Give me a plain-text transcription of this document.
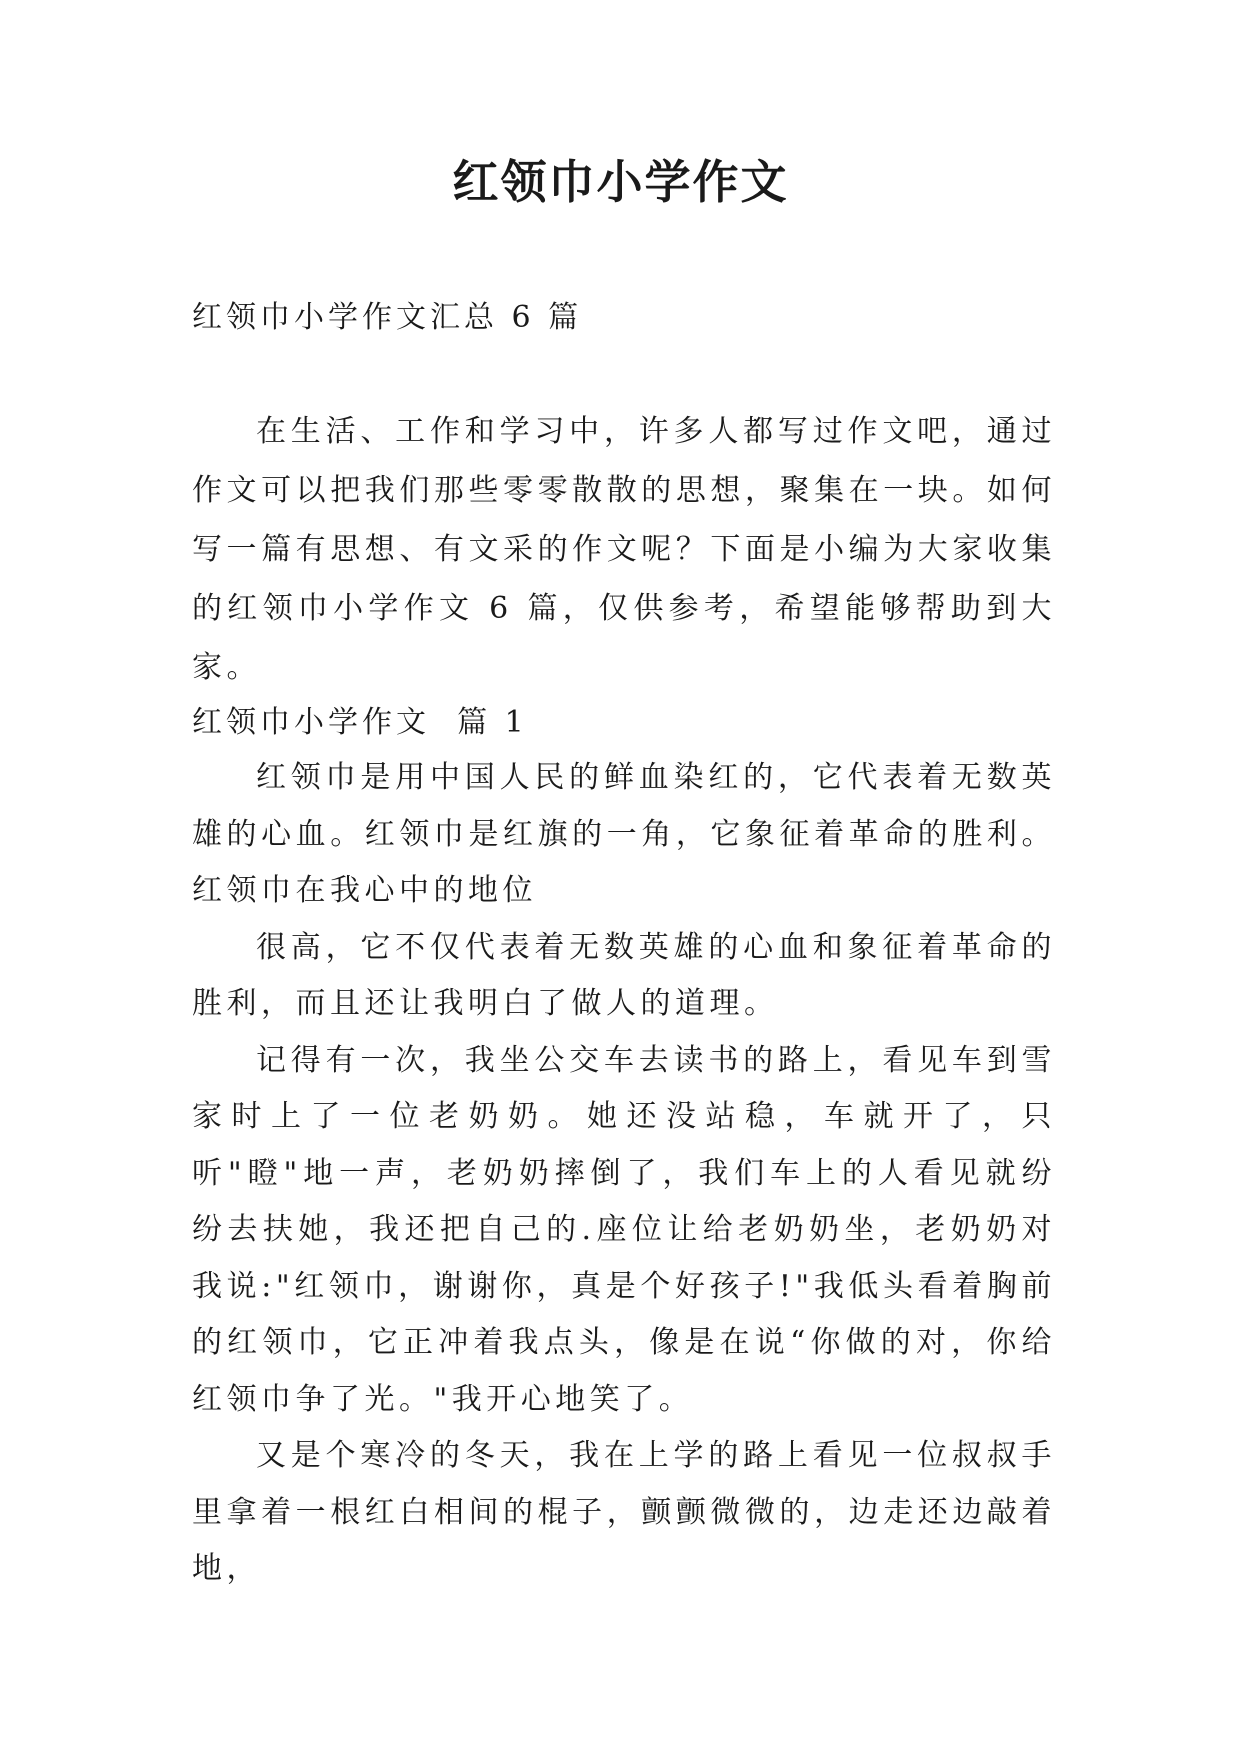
红领巾小学作文
红领巾小学作文汇总 6 篇

在生活、工作和学习中，许多人都写过作文吧，通过作文可以把我们那些零零散散的思想，聚集在一块。如何写一篇有思想、有文采的作文呢？下面是小编为大家收集的红领巾小学作文 6 篇，仅供参考，希望能够帮助到大家。

红领巾小学作文  篇 1

红领巾是用中国人民的鲜血染红的，它代表着无数英雄的心血。红领巾是红旗的一角，它象征着革命的胜利。红领巾在我心中的地位

很高，它不仅代表着无数英雄的心血和象征着革命的胜利，而且还让我明白了做人的道理。

记得有一次，我坐公交车去读书的路上，看见车到雪家时上了一位老奶奶。她还没站稳，车就开了，只听"瞪"地一声，老奶奶摔倒了，我们车上的人看见就纷纷去扶她，我还把自己的.座位让给老奶奶坐，老奶奶对我说:"红领巾，谢谢你，真是个好孩子!"我低头看着胸前的红领巾，它正冲着我点头，像是在说“你做的对，你给红领巾争了光。"我开心地笑了。

又是个寒冷的冬天，我在上学的路上看见一位叔叔手里拿着一根红白相间的棍子，颤颤微微的，边走还边敲着地，
